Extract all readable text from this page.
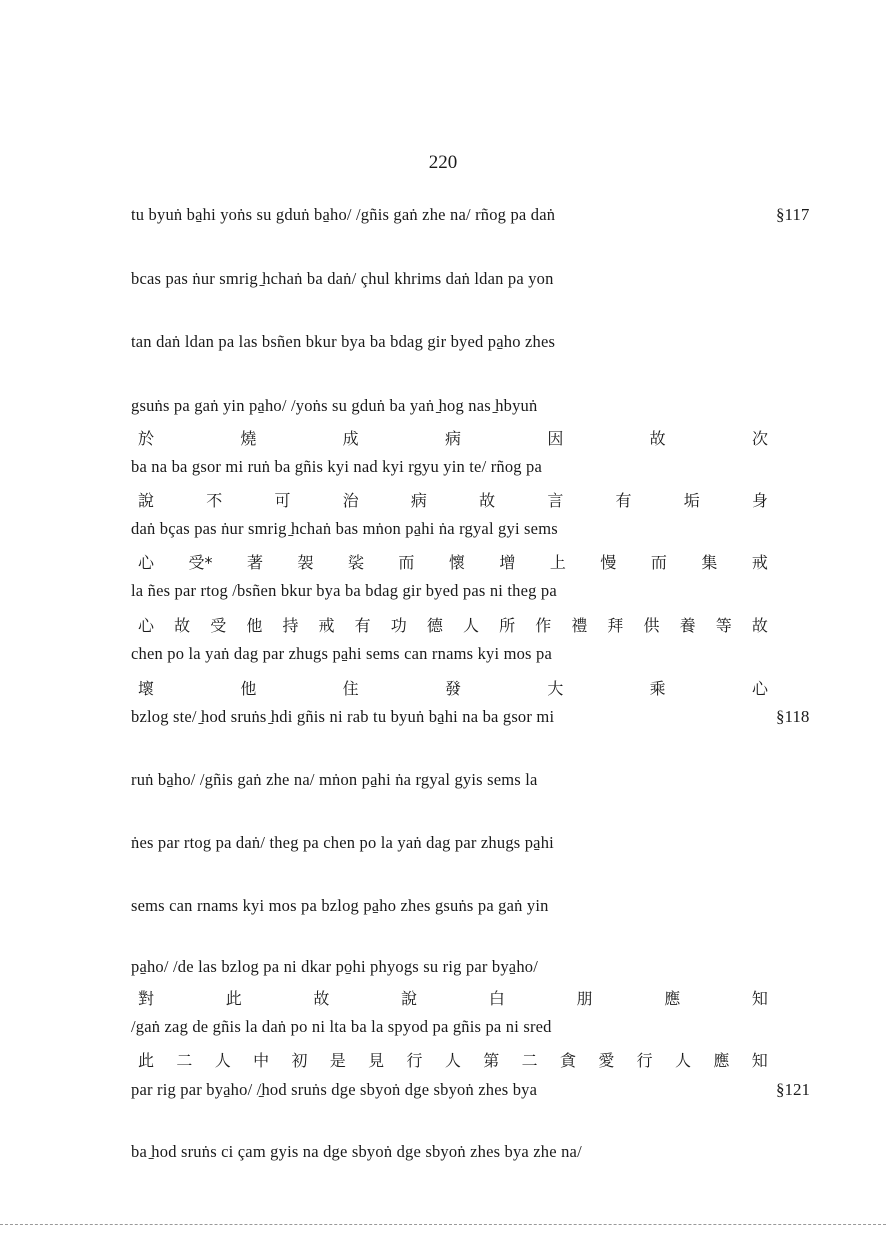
220
tu byuṅ ba̱hi yoṅs su gduṅ ba̱ho/ /gñis gaṅ zhe na/ rñog pa daṅ	§117
bcas pas ṅur smrig ̱hchaṅ ba daṅ/ çhul khrims daṅ ldan pa yon
tan daṅ ldan pa las bsñen bkur bya ba bdag gir byed pa̱ho zhes
gsuṅs pa gaṅ yin pa̱ho/ /yoṅs su gduṅ ba yaṅ ̱hog nas ̱hbyuṅ
於	燒	成	病	因	故	次
ba na ba gsor mi ruṅ ba gñis kyi nad kyi rgyu yin te/ rñog pa
說	不	可	治	病	故	言	有	垢	身
daṅ bças pas ṅur smrig ̱hchaṅ bas mṅon pa̱hi ṅa rgyal gyi sems
心 受* 著 袈 裟 而 懷 增 上 慢 而 集 戒
la ñes par rtog /bsñen bkur bya ba bdag gir byed pas ni theg pa
心 故 受 他 持 戒 有 功 德 人 所 作 禮 拜 供 養 等 故
chen po la yaṅ dag par zhugs pa̱hi sems can rnams kyi mos pa
壞	他	住	發	大	乘	心
bzlog ste/ ̱hod sruṅs ̱hdi gñis ni rab tu byuṅ ba̱hi na ba gsor mi	§118
ruṅ ba̱ho/ /gñis gaṅ zhe na/ mṅon pa̱hi ṅa rgyal gyis sems la
ṅes par rtog pa daṅ/ theg pa chen po la yaṅ dag par zhugs pa̱hi
sems can rnams kyi mos pa bzlog pa̱ho zhes gsuṅs pa gaṅ yin
pa̱ho/ /de las bzlog pa ni dkar po̱hi phyogs su rig par bya̱ho/
對	此	故	說	白	朋	應	知
/gaṅ zag de gñis la daṅ po ni lta ba la spyod pa gñis pa ni sred
此 二 人 中 初 是 見 行 人 第 二 貪 愛 行 人 應 知
par rig par bya̱ho/ /̱hod sruṅs dge sbyoṅ dge sbyoṅ zhes bya	§121
ba ̱hod sruṅs ci çam gyis na dge sbyoṅ dge sbyoṅ zhes bya zhe na/
